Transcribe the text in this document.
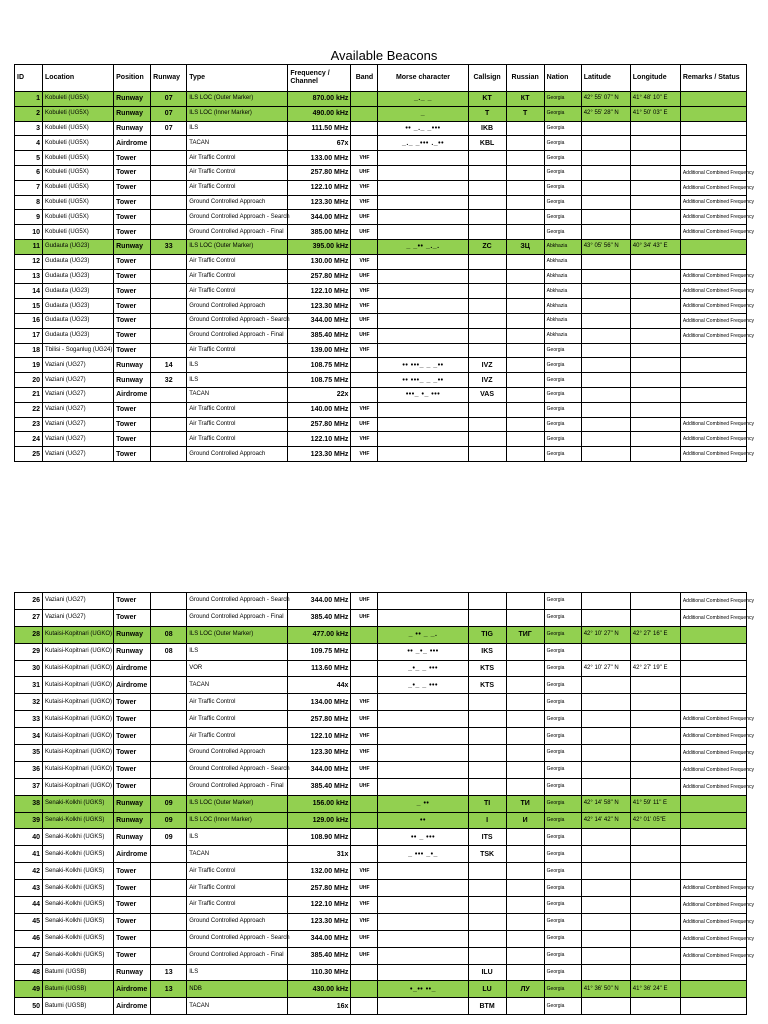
Available Beacons
ID	Location	Position	Runway	Type	Frequency / Channel	Band	Morse character	Callsign	Russian	Nation	Latitude	Longitude	Remarks / Status
1	Kobuleti (UG5X)	Runway	07	ILS LOC (Outer Marker)	870.00 kHz		_._ _	KT	КТ	Georgia	42° 55' 07" N	41° 48' 10" E	
2	Kobuleti (UG5X)	Runway	07	ILS LOC (Inner Marker)	490.00 kHz		_	T	Т	Georgia	42° 55' 28" N	41° 50' 03" E	
3	Kobuleti (UG5X)	Runway	07	ILS	111.50 MHz		•• _._ _•••	IKB		Georgia			
4	Kobuleti (UG5X)	Airdrome		TACAN	67x		_._ _••• ._••	KBL		Georgia			
5	Kobuleti (UG5X)	Tower		Air Traffic Control	133.00 MHz	VHF				Georgia			
6	Kobuleti (UG5X)	Tower		Air Traffic Control	257.80 MHz	UHF				Georgia			Additional Combined Frequency
7	Kobuleti (UG5X)	Tower		Air Traffic Control	122.10 MHz	VHF				Georgia			Additional Combined Frequency
8	Kobuleti (UG5X)	Tower		Ground Controlled Approach	123.30 MHz	VHF				Georgia			Additional Combined Frequency
9	Kobuleti (UG5X)	Tower		Ground Controlled Approach - Search	344.00 MHz	UHF				Georgia			Additional Combined Frequency
10	Kobuleti (UG5X)	Tower		Ground Controlled Approach - Final	385.00 MHz	UHF				Georgia			Additional Combined Frequency
11	Gudauta (UG23)	Runway	33	ILS LOC (Outer Marker)	395.00 kHz		_ _•• _._.	ZC	ЗЦ	Abkhazia	43° 05' 56" N	40° 34' 43" E	
12	Gudauta (UG23)	Tower		Air Traffic Control	130.00 MHz	VHF				Abkhazia			
13	Gudauta (UG23)	Tower		Air Traffic Control	257.80 MHz	UHF				Abkhazia			Additional Combined Frequency
14	Gudauta (UG23)	Tower		Air Traffic Control	122.10 MHz	VHF				Abkhazia			Additional Combined Frequency
15	Gudauta (UG23)	Tower		Ground Controlled Approach	123.30 MHz	VHF				Abkhazia			Additional Combined Frequency
16	Gudauta (UG23)	Tower		Ground Controlled Approach - Search	344.00 MHz	UHF				Abkhazia			Additional Combined Frequency
17	Gudauta (UG23)	Tower		Ground Controlled Approach - Final	385.40 MHz	UHF				Abkhazia			Additional Combined Frequency
18	Tbilisi - Soganlug (UG24)	Tower		Air Traffic Control	139.00 MHz	VHF				Georgia			
19	Vaziani (UG27)	Runway	14	ILS	108.75 MHz		•• •••_ _ _••	IVZ		Georgia			
20	Vaziani (UG27)	Runway	32	ILS	108.75 MHz		•• •••_ _ _••	IVZ		Georgia			
21	Vaziani (UG27)	Airdrome		TACAN	22x		•••_ •_ •••	VAS		Georgia			
22	Vaziani (UG27)	Tower		Air Traffic Control	140.00 MHz	VHF				Georgia			
23	Vaziani (UG27)	Tower		Air Traffic Control	257.80 MHz	UHF				Georgia			Additional Combined Frequency
24	Vaziani (UG27)	Tower		Air Traffic Control	122.10 MHz	VHF				Georgia			Additional Combined Frequency
25	Vaziani (UG27)	Tower		Ground Controlled Approach	123.30 MHz	VHF				Georgia			Additional Combined Frequency
26	Vaziani (UG27)	Tower		Ground Controlled Approach - Search	344.00 MHz	UHF				Georgia			Additional Combined Frequency
27	Vaziani (UG27)	Tower		Ground Controlled Approach - Final	385.40 MHz	UHF				Georgia			Additional Combined Frequency
28	Kutaisi-Kopitnari (UGKO)	Runway	08	ILS LOC (Outer Marker)	477.00 kHz		_ •• _ _.	TIG	ТИГ	Georgia	42° 10' 27" N	42° 27' 16" E	
29	Kutaisi-Kopitnari (UGKO)	Runway	08	ILS	109.75 MHz		•• _•_ •••	IKS		Georgia			
30	Kutaisi-Kopitnari (UGKO)	Airdrome		VOR	113.60 MHz		_•_ _ •••	KTS		Georgia	42° 10' 27" N	42° 27' 19" E	
31	Kutaisi-Kopitnari (UGKO)	Airdrome		TACAN	44x		_•_ _ •••	KTS		Georgia			
32	Kutaisi-Kopitnari (UGKO)	Tower		Air Traffic Control	134.00 MHz	VHF				Georgia			
33	Kutaisi-Kopitnari (UGKO)	Tower		Air Traffic Control	257.80 MHz	UHF				Georgia			Additional Combined Frequency
34	Kutaisi-Kopitnari (UGKO)	Tower		Air Traffic Control	122.10 MHz	VHF				Georgia			Additional Combined Frequency
35	Kutaisi-Kopitnari (UGKO)	Tower		Ground Controlled Approach	123.30 MHz	VHF				Georgia			Additional Combined Frequency
36	Kutaisi-Kopitnari (UGKO)	Tower		Ground Controlled Approach - Search	344.00 MHz	UHF				Georgia			Additional Combined Frequency
37	Kutaisi-Kopitnari (UGKO)	Tower		Ground Controlled Approach - Final	385.40 MHz	UHF				Georgia			Additional Combined Frequency
38	Senaki-Kolkhi (UGKS)	Runway	09	ILS LOC (Outer Marker)	156.00 kHz		_ ••	TI	ТИ	Georgia	42° 14' 58" N	41° 59' 11" E	
39	Senaki-Kolkhi (UGKS)	Runway	09	ILS LOC (Inner Marker)	129.00 kHz		••	I	И	Georgia	42° 14' 42" N	42° 01' 05"E	
40	Senaki-Kolkhi (UGKS)	Runway	09	ILS	108.90 MHz		•• _ •••	ITS		Georgia			
41	Senaki-Kolkhi (UGKS)	Airdrome		TACAN	31x		_ ••• _•_	TSK		Georgia			
42	Senaki-Kolkhi (UGKS)	Tower		Air Traffic Control	132.00 MHz	VHF				Georgia			
43	Senaki-Kolkhi (UGKS)	Tower		Air Traffic Control	257.80 MHz	UHF				Georgia			Additional Combined Frequency
44	Senaki-Kolkhi (UGKS)	Tower		Air Traffic Control	122.10 MHz	VHF				Georgia			Additional Combined Frequency
45	Senaki-Kolkhi (UGKS)	Tower		Ground Controlled Approach	123.30 MHz	VHF				Georgia			Additional Combined Frequency
46	Senaki-Kolkhi (UGKS)	Tower		Ground Controlled Approach - Search	344.00 MHz	UHF				Georgia			Additional Combined Frequency
47	Senaki-Kolkhi (UGKS)	Tower		Ground Controlled Approach - Final	385.40 MHz	UHF				Georgia			Additional Combined Frequency
48	Batumi (UGSB)	Runway	13	ILS	110.30 MHz			ILU		Georgia			
49	Batumi (UGSB)	Airdrome	13	NDB	430.00 kHz		•_•• ••_	LU	ЛУ	Georgia	41° 36' 50" N	41° 36' 24" E	
50	Batumi (UGSB)	Airdrome		TACAN	16x			BTM		Georgia			
